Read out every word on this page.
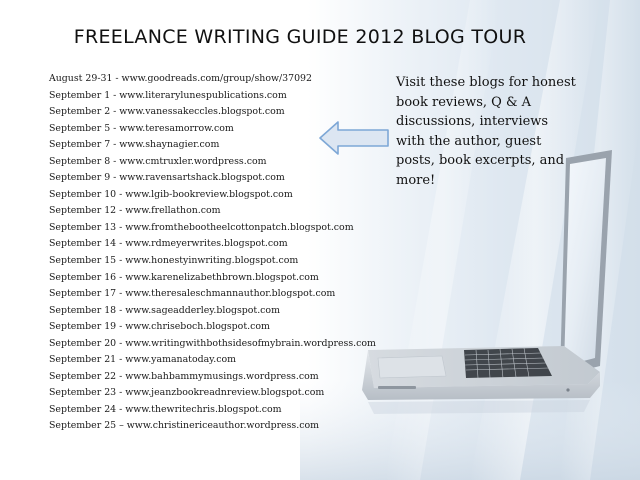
FREELANCE WRITING GUIDE 2012 BLOG TOUR
August 29-31 - www.goodreads.com/group/show/37092
September 1 - www.literarylunespublications.com
September 2 - www.vanessakeccles.blogspot.com
September 5 - www.teresamorrow.com
September 7 - www.shaynagier.com
September 8 - www.cmtruxler.wordpress.com
September 9 - www.ravensartshack.blogspot.com
September 10 - www.lgib-bookreview.blogspot.com
September 12 - www.frellathon.com
September 13 - www.fromthebootheelcottonpatch.blogspot.com
September 14 - www.rdmeyerwrites.blogspot.com
September 15 - www.honestyinwriting.blogspot.com
September 16 - www.karenelizabethbrown.blogspot.com
September 17 - www.theresaleschmannauthor.blogspot.com
September 18 - www.sageadderley.blogspot.com
September 19 - www.chriseboch.blogspot.com
September 20 - www.writingwithbothsidesofmybrain.wordpress.com
September 21 - www.yamanatoday.com
September 22 - www.bahbammymusings.wordpress.com
September 23 - www.jeanzbookreadnreview.blogspot.com
September 24 - www.thewritechris.blogspot.com
September 25 – www.christinericeauthor.wordpress.com
Visit these blogs for honest book reviews, Q & A discussions, interviews with the author, guest posts, book excerpts, and more!
